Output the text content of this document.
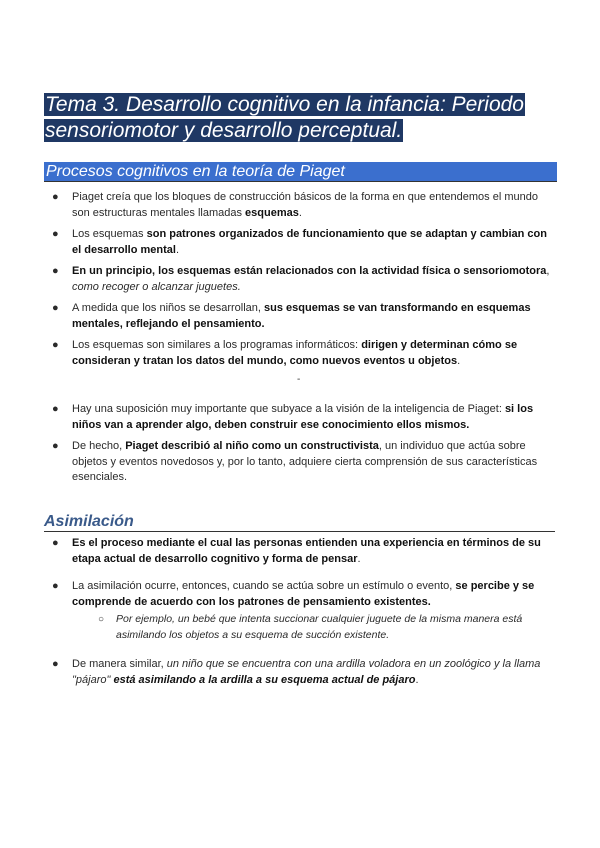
Tema 3. Desarrollo cognitivo en la infancia: Periodo sensoriomotor y desarrollo perceptual.
Procesos cognitivos en la teoría de Piaget
● Piaget creía que los bloques de construcción básicos de la forma en que entendemos el mundo son estructuras mentales llamadas esquemas.
● Los esquemas son patrones organizados de funcionamiento que se adaptan y cambian con el desarrollo mental.
● En un principio, los esquemas están relacionados con la actividad física o sensoriomotora, como recoger o alcanzar juguetes.
● A medida que los niños se desarrollan, sus esquemas se van transformando en esquemas mentales, reflejando el pensamiento.
● Los esquemas son similares a los programas informáticos: dirigen y determinan cómo se consideran y tratan los datos del mundo, como nuevos eventos u objetos.
-
● Hay una suposición muy importante que subyace a la visión de la inteligencia de Piaget: si los niños van a aprender algo, deben construir ese conocimiento ellos mismos.
● De hecho, Piaget describió al niño como un constructivista, un individuo que actúa sobre objetos y eventos novedosos y, por lo tanto, adquiere cierta comprensión de sus características esenciales.
Asimilación
● Es el proceso mediante el cual las personas entienden una experiencia en términos de su etapa actual de desarrollo cognitivo y forma de pensar.
● La asimilación ocurre, entonces, cuando se actúa sobre un estímulo o evento, se percibe y se comprende de acuerdo con los patrones de pensamiento existentes.
○ Por ejemplo, un bebé que intenta succionar cualquier juguete de la misma manera está asimilando los objetos a su esquema de succión existente.
● De manera similar, un niño que se encuentra con una ardilla voladora en un zoológico y la llama "pájaro" está asimilando a la ardilla a su esquema actual de pájaro.
